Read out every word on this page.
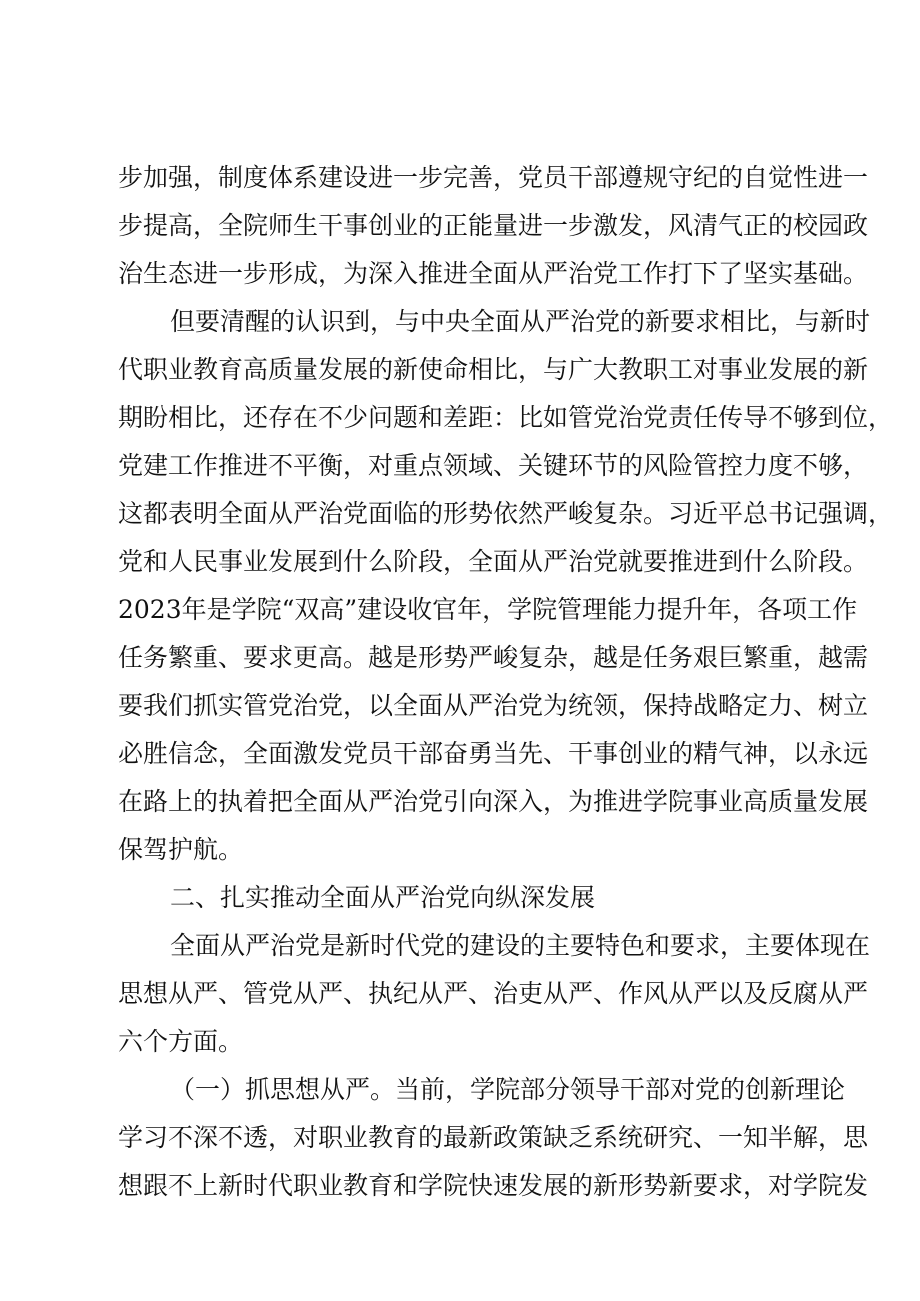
步加强，制度体系建设进一步完善，党员干部遵规守纪的自觉性进一
步提高，全院师生干事创业的正能量进一步激发，风清气正的校园政
治生态进一步形成，为深入推进全面从严治党工作打下了坚实基础。
但要清醒的认识到，与中央全面从严治党的新要求相比，与新时
代职业教育高质量发展的新使命相比，与广大教职工对事业发展的新
期盼相比，还存在不少问题和差距：比如管党治党责任传导不够到位，
党建工作推进不平衡，对重点领域、关键环节的风险管控力度不够，
这都表明全面从严治党面临的形势依然严峻复杂。习近平总书记强调，
党和人民事业发展到什么阶段，全面从严治党就要推进到什么阶段。
2023年是学院“双高”建设收官年，学院管理能力提升年，各项工作
任务繁重、要求更高。越是形势严峻复杂，越是任务艰巨繁重，越需
要我们抓实管党治党，以全面从严治党为统领，保持战略定力、树立
必胜信念，全面激发党员干部奋勇当先、干事创业的精气神，以永远
在路上的执着把全面从严治党引向深入，为推进学院事业高质量发展
保驾护航。
二、扎实推动全面从严治党向纵深发展
全面从严治党是新时代党的建设的主要特色和要求，主要体现在
思想从严、管党从严、执纪从严、治吏从严、作风从严以及反腐从严
六个方面。
（一）抓思想从严。当前，学院部分领导干部对党的创新理论
学习不深不透，对职业教育的最新政策缺乏系统研究、一知半解，思
想跟不上新时代职业教育和学院快速发展的新形势新要求，对学院发
